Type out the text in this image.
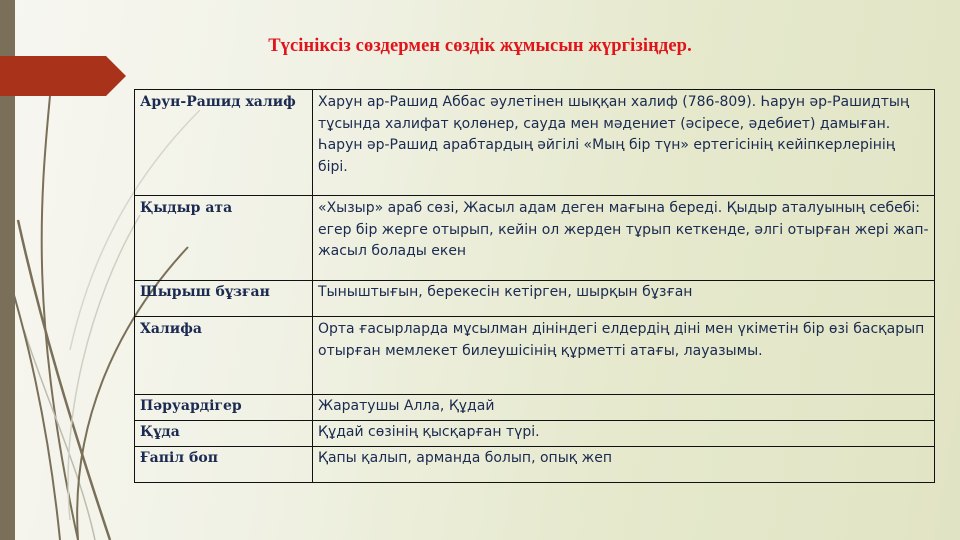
Түсініксіз сөздермен сөздік жұмысын жүргізіңдер.
Арун-Рашид халиф	Харун ар-Рашид Аббас әулетінен шыққан халиф (786-809). Һарун әр-Рашидтың тұсында халифат қолөнер, сауда мен мәдениет (әсіресе, әдебиет) дамыған. Һарун әр-Рашид арабтардың әйгілі «Мың бір түн» ертегісінің кейіпкерлерінің бірі.
Қыдыр ата	«Хызыр» араб сөзі, Жасыл адам деген мағына береді. Қыдыр аталуының себебі: егер бір жерге отырып, кейін ол жерден тұрып кеткенде, әлгі отырған жері жап-жасыл болады екен
Шырыш бұзған	Тыныштығын, берекесін кетірген, шырқын бұзған
Халифа	Орта ғасырларда мұсылман дініндегі елдердің діні мен үкіметін бір өзі басқарып отырған мемлекет билеушісінің құрметті атағы, лауазымы.
Пәруардігер	Жаратушы Алла, Құдай
Құда	Құдай сөзінің қысқарған түрі.
Ғапіл боп	Қапы қалып, арманда болып, опық жеп
